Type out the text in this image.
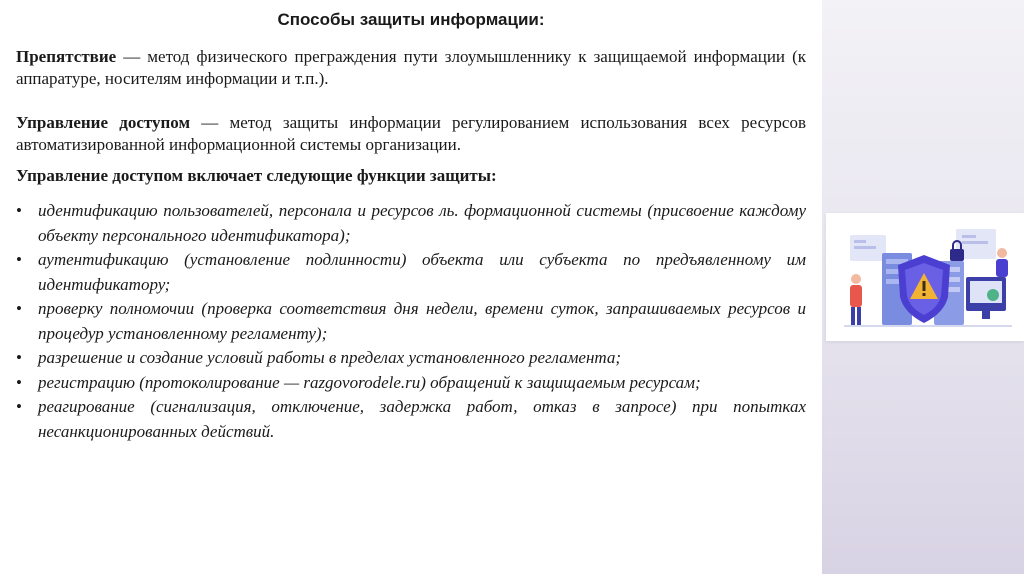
Способы защиты информации:

Препятствие — метод физического преграждения пути злоумышленнику к защищаемой информации (к аппаратуре, носителям информации и т.п.).

Управление доступом — метод защиты информации регулированием использования всех ресурсов автоматизированной информационной системы организации.

Управление доступом включает следующие функции защиты:

• идентификацию пользователей, персонала и ресурсов ль. формационной системы (присвоение каждому объекту персонального идентификатора);
• аутентификацию (установление подлинности) объекта или субъекта по предъявленному им идентификатору;
• проверку полномочии (проверка соответствия дня недели, времени суток, запрашиваемых ресурсов и процедур установленному регламенту);
• разрешение и создание условий работы в пределах установленного регламента;
• регистрацию (протоколирование — razgovorodele.ru) обращений к защищаемым ресурсам;
• реагирование (сигнализация, отключение, задержка работ, отказ в запросе) при попытках несанкционированных действий.
